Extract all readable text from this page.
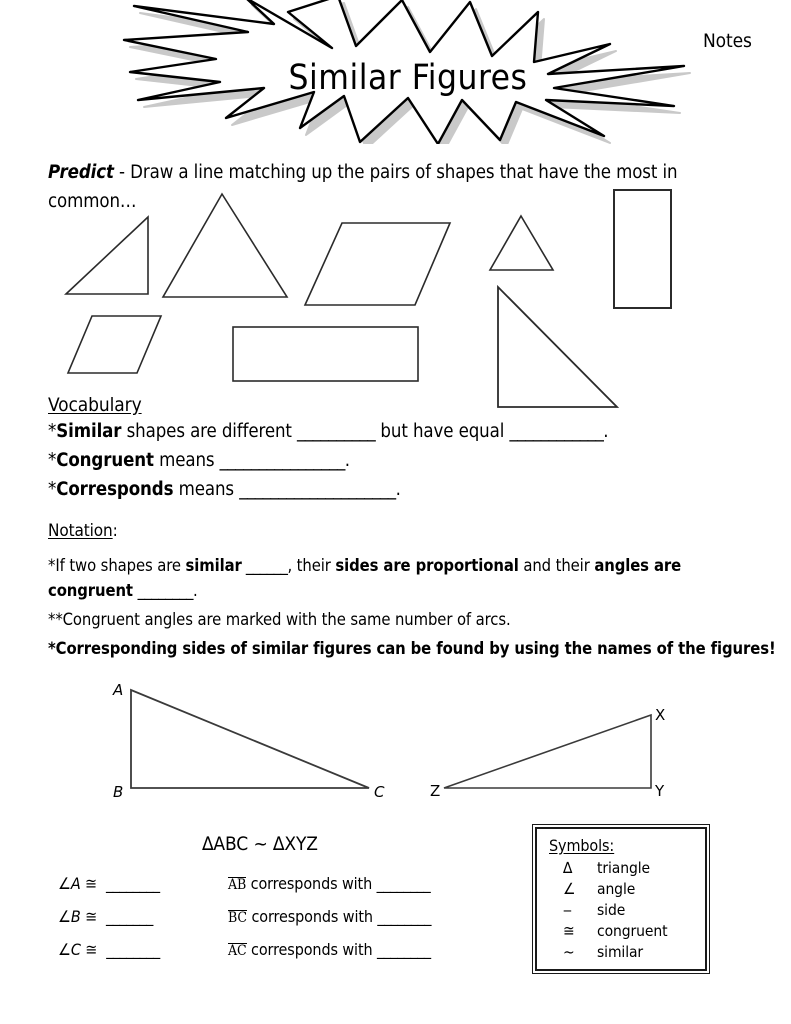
Similar Figures
Notes
Predict - Draw a line matching up the pairs of shapes that have the most in common…
Vocabulary
*Similar shapes are different __________ but have equal ____________.
*Congruent means ________________.
*Corresponds means ____________________.
Notation:
*If two shapes are similar ______, their sides are proportional and their angles are congruent ________.
**Congruent angles are marked with the same number of arcs.
*Corresponding sides of similar figures can be found by using the names of the figures!
A
B	C
X
Y
Z
∆ABC ~ ∆XYZ
∠A ≅ ________
∠B ≅ _______
∠C ≅ ________
AB corresponds with ________
BC corresponds with ________
AC corresponds with ________
Symbols:
∆	triangle
∠	angle
‒	side
≅	congruent
~	similar
